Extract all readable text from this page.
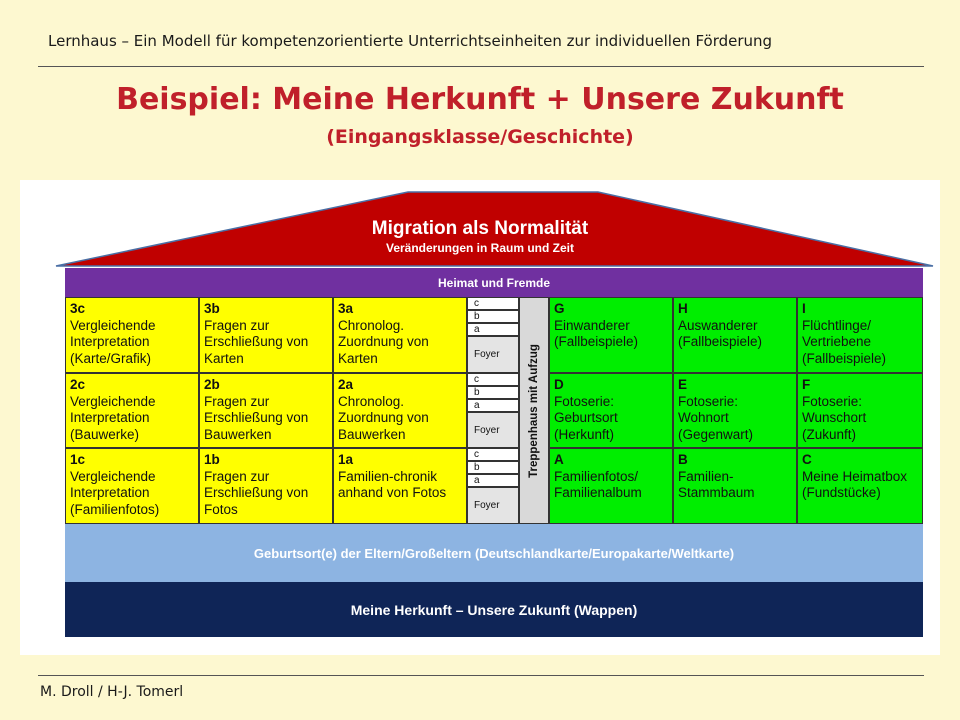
Lernhaus – Ein Modell für kompetenzorientierte Unterrichtseinheiten zur individuellen Förderung
Beispiel: Meine Herkunft + Unsere Zukunft
(Eingangsklasse/Geschichte)
Migration als Normalität
Veränderungen in Raum und Zeit
Heimat und Fremde
3c
Vergleichende Interpretation (Karte/Grafik)
3b
Fragen zur Erschließung von Karten
3a
Chronolog. Zuordnung von Karten
c
b
a
Foyer
G
Einwanderer (Fallbeispiele)
H
Auswanderer (Fallbeispiele)
I
Flüchtlinge/ Vertriebene (Fallbeispiele)
2c
Vergleichende Interpretation (Bauwerke)
2b
Fragen zur Erschließung von Bauwerken
2a
Chronolog. Zuordnung von Bauwerken
c
b
a
Foyer
D
Fotoserie: Geburtsort (Herkunft)
E
Fotoserie: Wohnort (Gegenwart)
F
Fotoserie: Wunschort (Zukunft)
1c
Vergleichende Interpretation (Familienfotos)
1b
Fragen zur Erschließung von Fotos
1a
Familien-chronik anhand von Fotos
c
b
a
Foyer
A
Familienfotos/ Familienalbum
B
Familien- Stammbaum
C
Meine Heimatbox (Fundstücke)
Treppenhaus mit Aufzug
Geburtsort(e) der Eltern/Großeltern (Deutschlandkarte/Europakarte/Weltkarte)
Meine Herkunft – Unsere Zukunft (Wappen)
M. Droll / H-J. Tomerl
